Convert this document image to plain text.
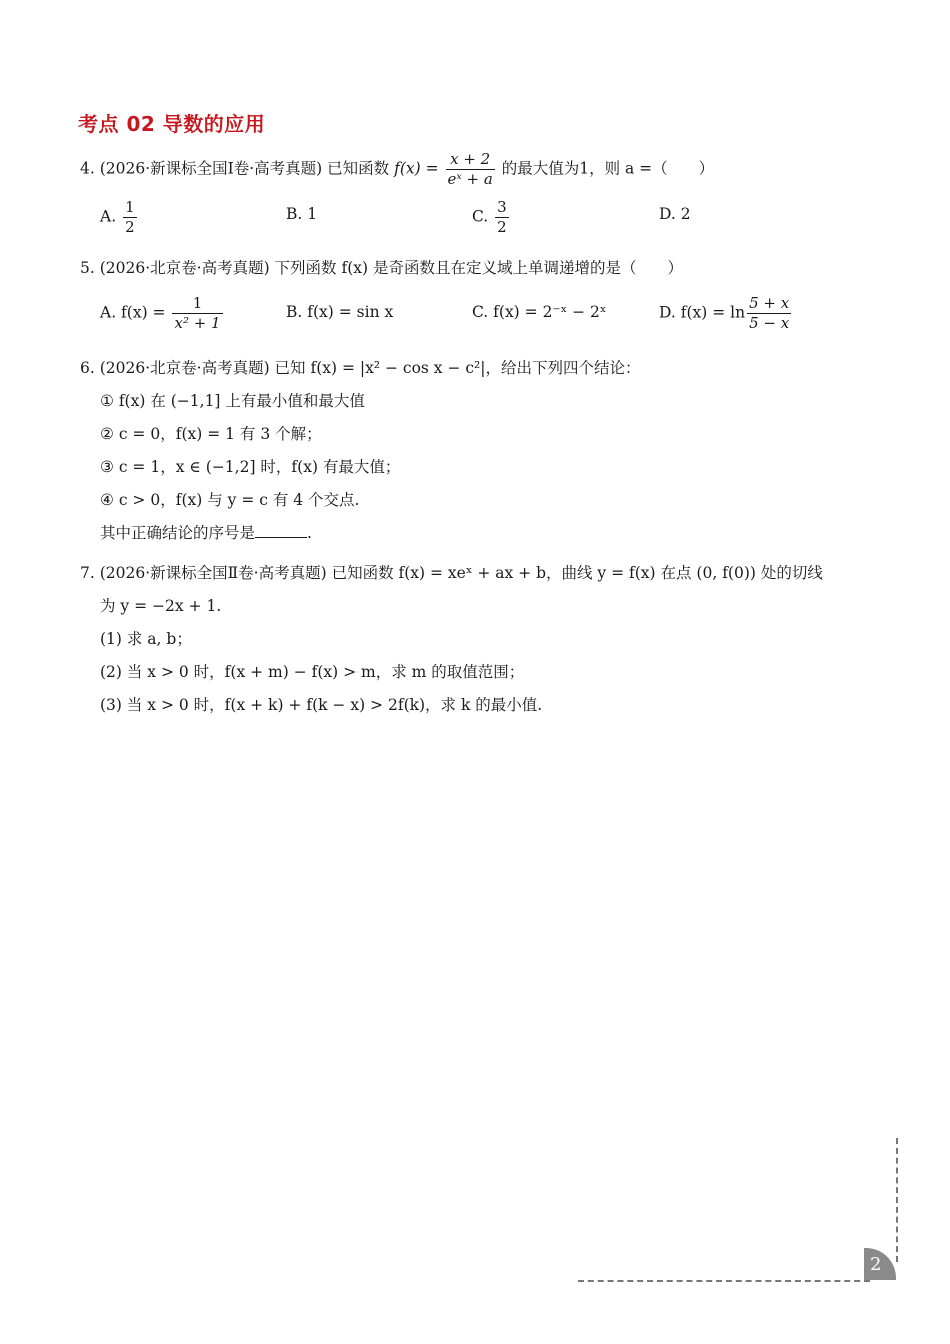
考点 02 导数的应用
4. (2026·新课标全国Ⅰ卷·高考真题) 已知函数 $f(x) = \frac{x + 2}{\text{eˣ + a}}$ 的最大值为1，则 a =（　　）
A. $\frac{1}{2}$	B. 1	C. $\frac{3}{2}$	D. 2
5. (2026·北京卷·高考真题) 下列函数 f(x) 是奇函数且在定义域上单调递增的是（　　）
A. $f(x) = \frac{1}{\text{x² + 1}}$	B. f(x) = sin x	C. f(x) = 2⁻ˣ − 2ˣ	D. $f(x) = \ln \frac{5 + x}{5 - x}$
6. (2026·北京卷·高考真题) 已知 f(x) = |x² − cos x − c²|，给出下列四个结论：
① f(x) 在 (−1,1] 上有最小值和最大值
② c = 0，f(x) = 1 有 3 个解；
③ c = 1，x ∈ (−1,2] 时，f(x) 有最大值；
④ c > 0，f(x) 与 y = c 有 4 个交点.
其中正确结论的序号是	.
7. (2026·新课标全国Ⅱ卷·高考真题) 已知函数 f(x) = xeˣ + ax + b，曲线 y = f(x) 在点 (0, f(0)) 处的切线
为 y = −2x + 1.
(1) 求 a, b；
(2) 当 x > 0 时，f(x + m) − f(x) > m，求 m 的取值范围；
(3) 当 x > 0 时，f(x + k) + f(k − x) > 2f(k)，求 k 的最小值.
2
